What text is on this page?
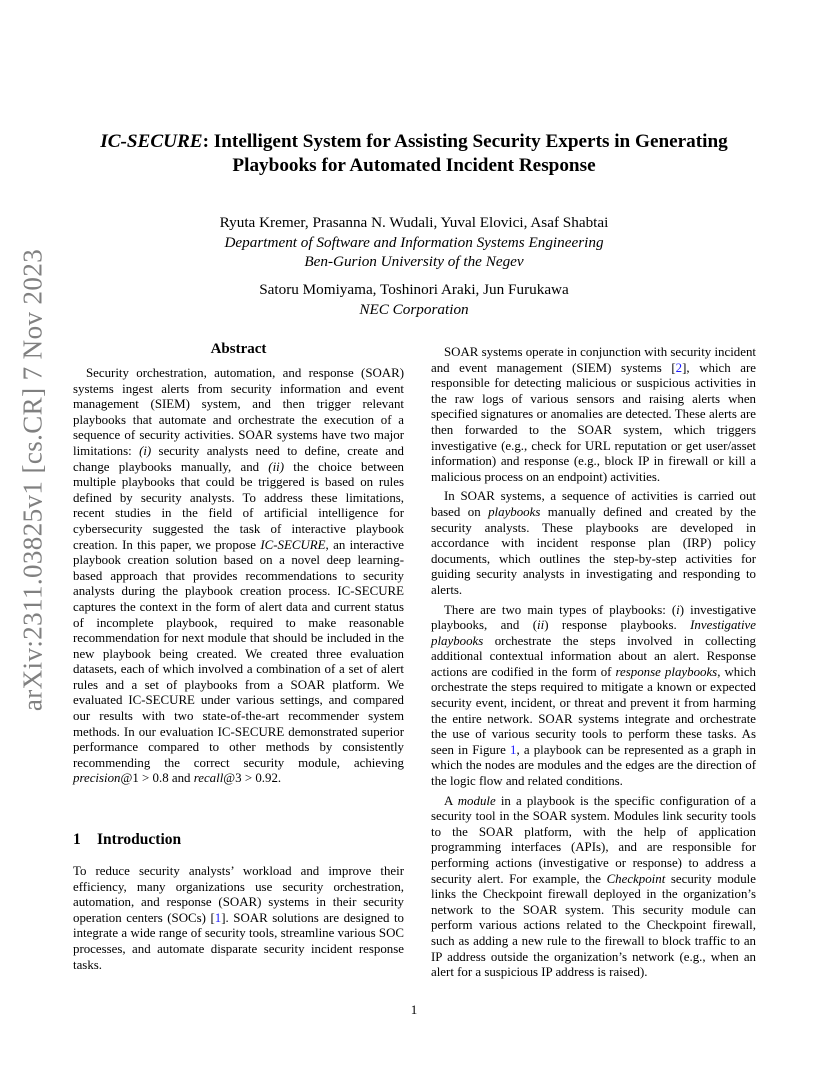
arXiv:2311.03825v1 [cs.CR] 7 Nov 2023
IC-SECURE: Intelligent System for Assisting Security Experts in Generating
Playbooks for Automated Incident Response
Ryuta Kremer, Prasanna N. Wudali, Yuval Elovici, Asaf Shabtai
Department of Software and Information Systems Engineering
Ben-Gurion University of the Negev
Satoru Momiyama, Toshinori Araki, Jun Furukawa
NEC Corporation
Abstract

Security orchestration, automation, and response (SOAR) systems ingest alerts from security information and event management (SIEM) system, and then trigger relevant playbooks that automate and orchestrate the execution of a sequence of security activities. SOAR systems have two major limitations: (i) security analysts need to define, create and change playbooks manually, and (ii) the choice between multiple playbooks that could be triggered is based on rules defined by security analysts. To address these limitations, recent studies in the field of artificial intelligence for cybersecurity suggested the task of interactive playbook creation. In this paper, we propose IC-SECURE, an interactive playbook creation solution based on a novel deep learning-based approach that provides recommendations to security analysts during the playbook creation process. IC-SECURE captures the context in the form of alert data and current status of incomplete playbook, required to make reasonable recommendation for next module that should be included in the new playbook being created. We created three evaluation datasets, each of which involved a combination of a set of alert rules and a set of playbooks from a SOAR platform. We evaluated IC-SECURE under various settings, and compared our results with two state-of-the-art recommender system methods. In our evaluation IC-SECURE demonstrated superior performance compared to other methods by consistently recommending the correct security module, achieving precision@1 > 0.8 and recall@3 > 0.92.

1 Introduction

To reduce security analysts’ workload and improve their efficiency, many organizations use security orchestration, automation, and response (SOAR) systems in their security operation centers (SOCs) [1]. SOAR solutions are designed to integrate a wide range of security tools, streamline various SOC processes, and automate disparate security incident response tasks.

SOAR systems operate in conjunction with security incident and event management (SIEM) systems [2], which are responsible for detecting malicious or suspicious activities in the raw logs of various sensors and raising alerts when specified signatures or anomalies are detected. These alerts are then forwarded to the SOAR system, which triggers investigative (e.g., check for URL reputation or get user/asset information) and response (e.g., block IP in firewall or kill a malicious process on an endpoint) activities.

In SOAR systems, a sequence of activities is carried out based on playbooks manually defined and created by the security analysts. These playbooks are developed in accordance with incident response plan (IRP) policy documents, which outlines the step-by-step activities for guiding security analysts in investigating and responding to alerts.

There are two main types of playbooks: (i) investigative playbooks, and (ii) response playbooks. Investigative playbooks orchestrate the steps involved in collecting additional contextual information about an alert. Response actions are codified in the form of response playbooks, which orchestrate the steps required to mitigate a known or expected security event, incident, or threat and prevent it from harming the entire network. SOAR systems integrate and orchestrate the use of various security tools to perform these tasks. As seen in Figure 1, a playbook can be represented as a graph in which the nodes are modules and the edges are the direction of the logic flow and related conditions.

A module in a playbook is the specific configuration of a security tool in the SOAR system. Modules link security tools to the SOAR platform, with the help of application programming interfaces (APIs), and are responsible for performing actions (investigative or response) to address a security alert. For example, the Checkpoint security module links the Checkpoint firewall deployed in the organization’s network to the SOAR system. This security module can perform various actions related to the Checkpoint firewall, such as adding a new rule to the firewall to block traffic to an IP address outside the organization’s network (e.g., when an alert for a suspicious IP address is raised).

1
